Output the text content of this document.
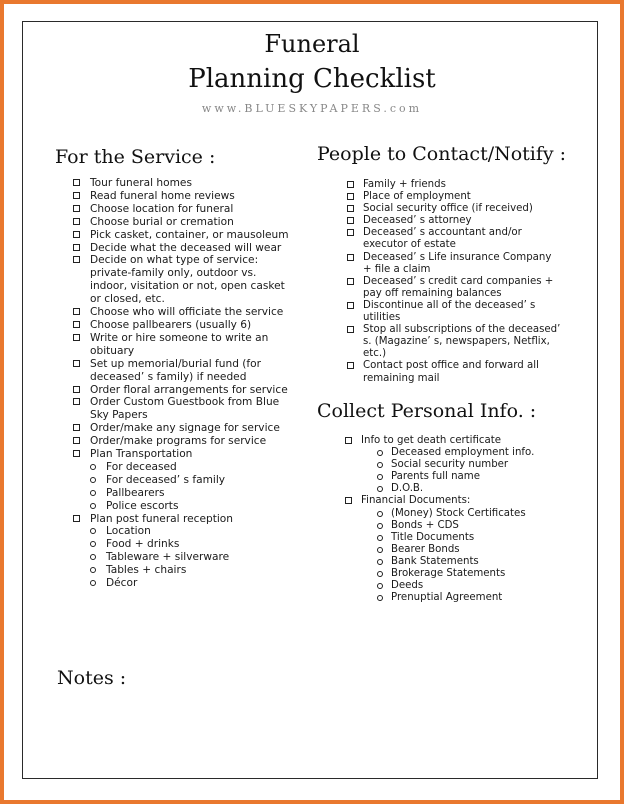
Funeral
Planning Checklist
www.BLUESKYPAPERS.com
For the Service :
Tour funeral homes
Read funeral home reviews
Choose location for funeral
Choose burial or cremation
Pick casket, container, or mausoleum
Decide what the deceased will wear
Decide on what type of service: private-family only, outdoor vs. indoor, visitation or not, open casket or closed, etc.
Choose who will officiate the service
Choose pallbearers (usually 6)
Write or hire someone to write an obituary
Set up memorial/burial fund (for deceased’ s family) if needed
Order floral arrangements for service
Order Custom Guestbook from Blue Sky Papers
Order/make any signage for service
Order/make programs for service
Plan Transportation
For deceased
For deceased’ s family
Pallbearers
Police escorts
Plan post funeral reception
Location
Food + drinks
Tableware + silverware
Tables + chairs
Décor
People to Contact/Notify :
Family + friends
Place of employment
Social security office (if received)
Deceased’ s attorney
Deceased’ s accountant and/or executor of estate
Deceased’ s Life insurance Company + file a claim
Deceased’ s credit card companies + pay off remaining balances
Discontinue all of the deceased’ s utilities
Stop all subscriptions of the deceased’ s. (Magazine’ s, newspapers, Netflix, etc.)
Contact post office and forward all remaining mail
Collect Personal Info. :
Info to get death certificate
Deceased employment info.
Social security number
Parents full name
D.O.B.
Financial Documents:
(Money) Stock Certificates
Bonds + CDS
Title Documents
Bearer Bonds
Bank Statements
Brokerage Statements
Deeds
Prenuptial Agreement
Notes :
